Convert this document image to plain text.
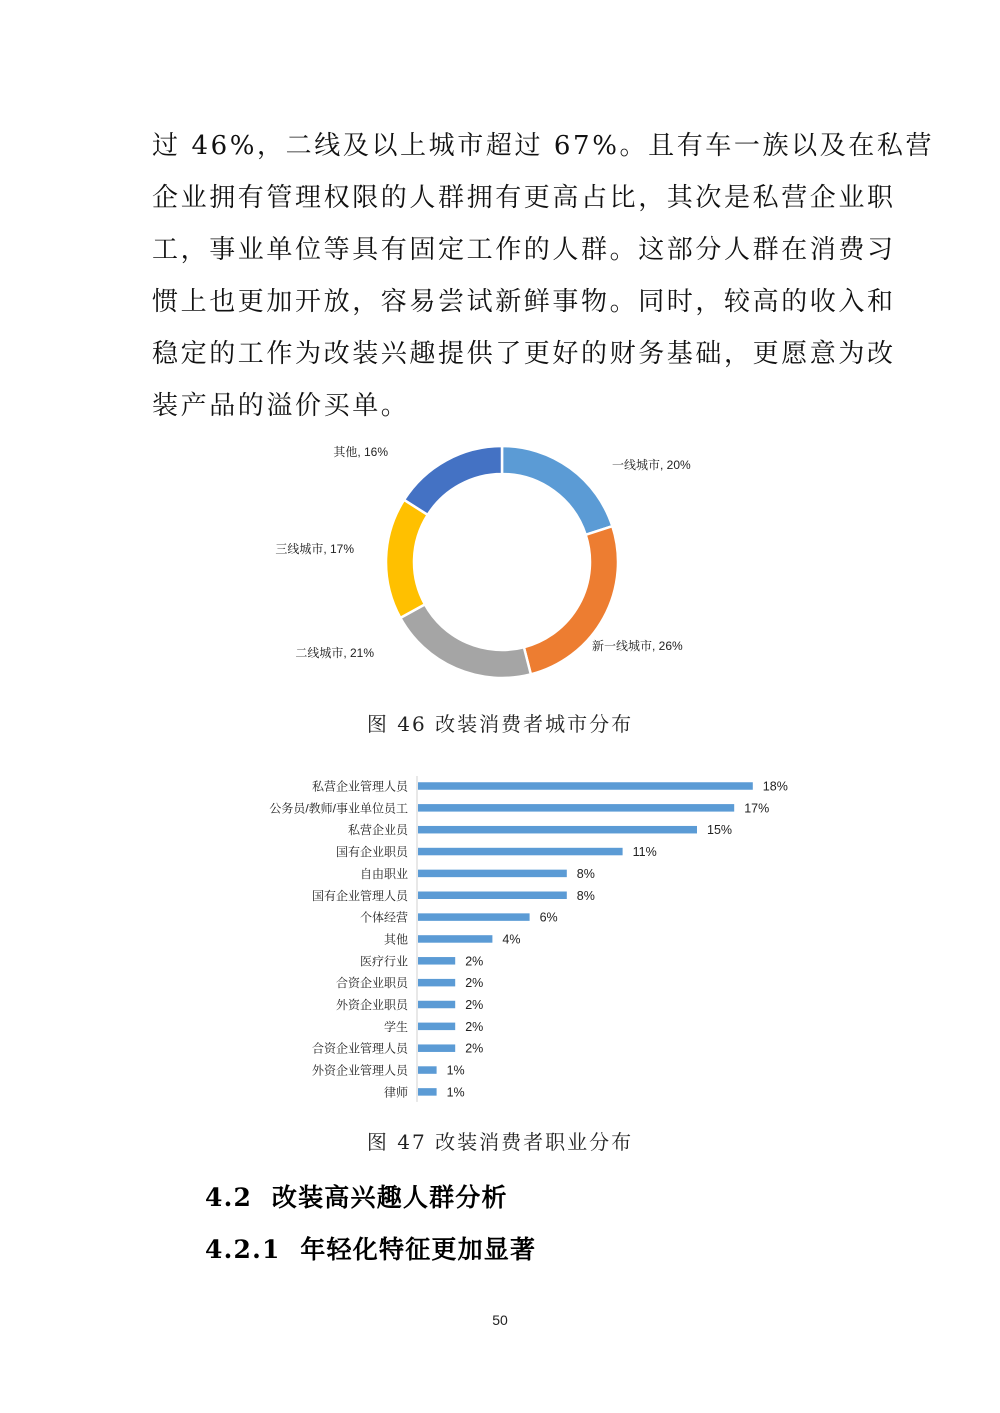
过 46%，二线及以上城市超过 67%。且有车一族以及在私营
企业拥有管理权限的人群拥有更高占比，其次是私营企业职
工，事业单位等具有固定工作的人群。这部分人群在消费习
惯上也更加开放，容易尝试新鲜事物。同时，较高的收入和
稳定的工作为改装兴趣提供了更好的财务基础，更愿意为改
装产品的溢价买单。
一线城市, 20%
新一线城市, 26%
二线城市, 21%
三线城市, 17%
其他, 16%
图 46 改装消费者城市分布
私营企业管理人员	18%
公务员/教师/事业单位员工	17%
私营企业员	15%
国有企业职员	11%
自由职业	8%
国有企业管理人员	8%
个体经营	6%
其他	4%
医疗行业	2%
合资企业职员	2%
外资企业职员	2%
学生	2%
合资企业管理人员	2%
外资企业管理人员	1%
律师	1%
图 47 改装消费者职业分布
4.2  改装高兴趣人群分析
4.2.1  年轻化特征更加显著
50
